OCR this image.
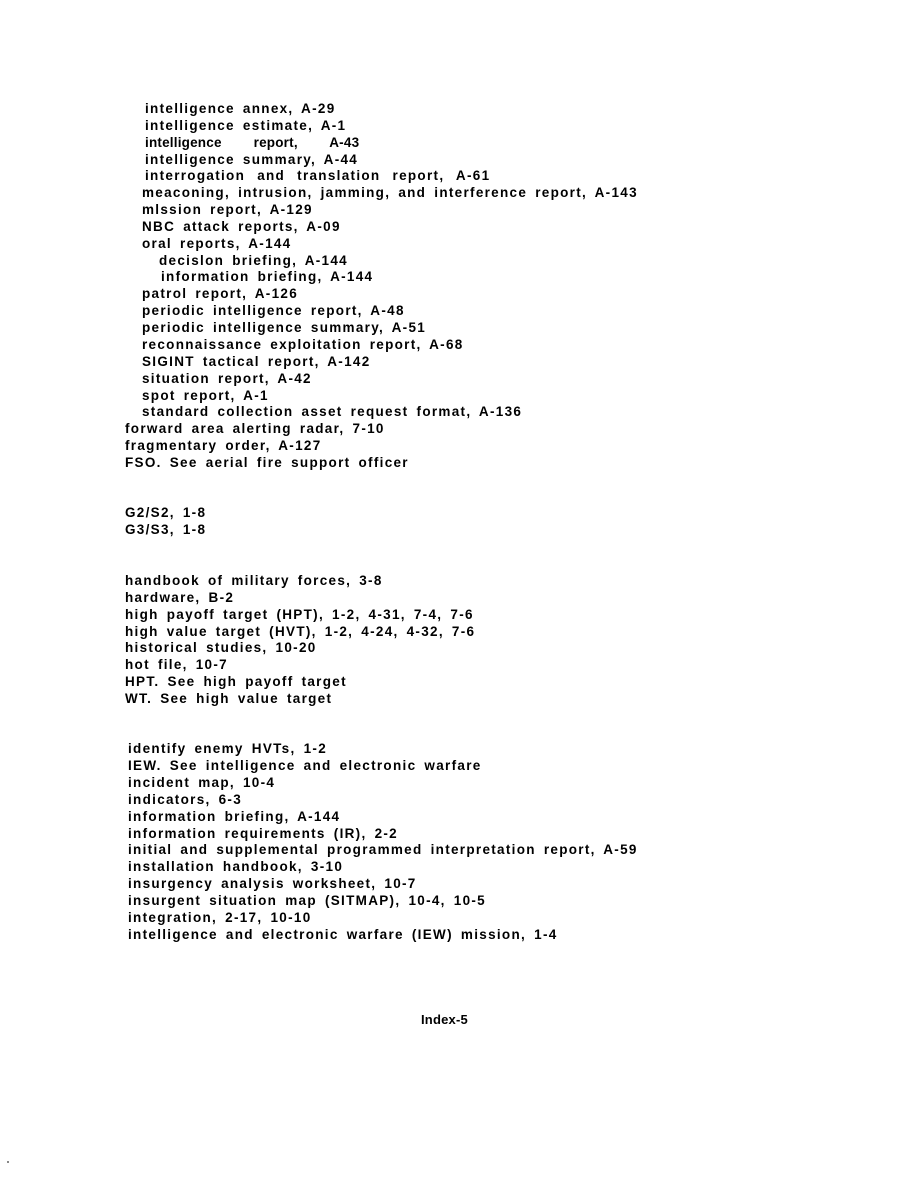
intelligence annex, A-29
intelligence estimate, A-1
intelligence report, A-43
intelligence summary, A-44
interrogation and translation report, A-61
meaconing, intrusion, jamming, and interference report, A-143
mlssion report, A-129
NBC attack reports, A-09
oral reports, A-144
decislon briefing, A-144
information briefing, A-144
patrol report, A-126
periodic intelligence report, A-48
periodic intelligence summary, A-51
reconnaissance exploitation report, A-68
SIGINT tactical report, A-142
situation report, A-42
spot report, A-1
standard collection asset request format, A-136
forward area alerting radar, 7-10
fragmentary order, A-127
FSO. See aerial fire support officer
G2/S2, 1-8
G3/S3, 1-8
handbook of military forces, 3-8
hardware, B-2
high payoff target (HPT), 1-2, 4-31, 7-4, 7-6
high value target (HVT), 1-2, 4-24, 4-32, 7-6
historical studies, 10-20
hot file, 10-7
HPT. See high payoff target
WT. See high value target
identify enemy HVTs, 1-2
IEW. See intelligence and electronic warfare
incident map, 10-4
indicators, 6-3
information briefing, A-144
information requirements (IR), 2-2
initial and supplemental programmed interpretation report, A-59
installation handbook, 3-10
insurgency analysis worksheet, 10-7
insurgent situation map (SITMAP), 10-4, 10-5
integration, 2-17, 10-10
intelligence and electronic warfare (IEW) mission, 1-4
Index-5
